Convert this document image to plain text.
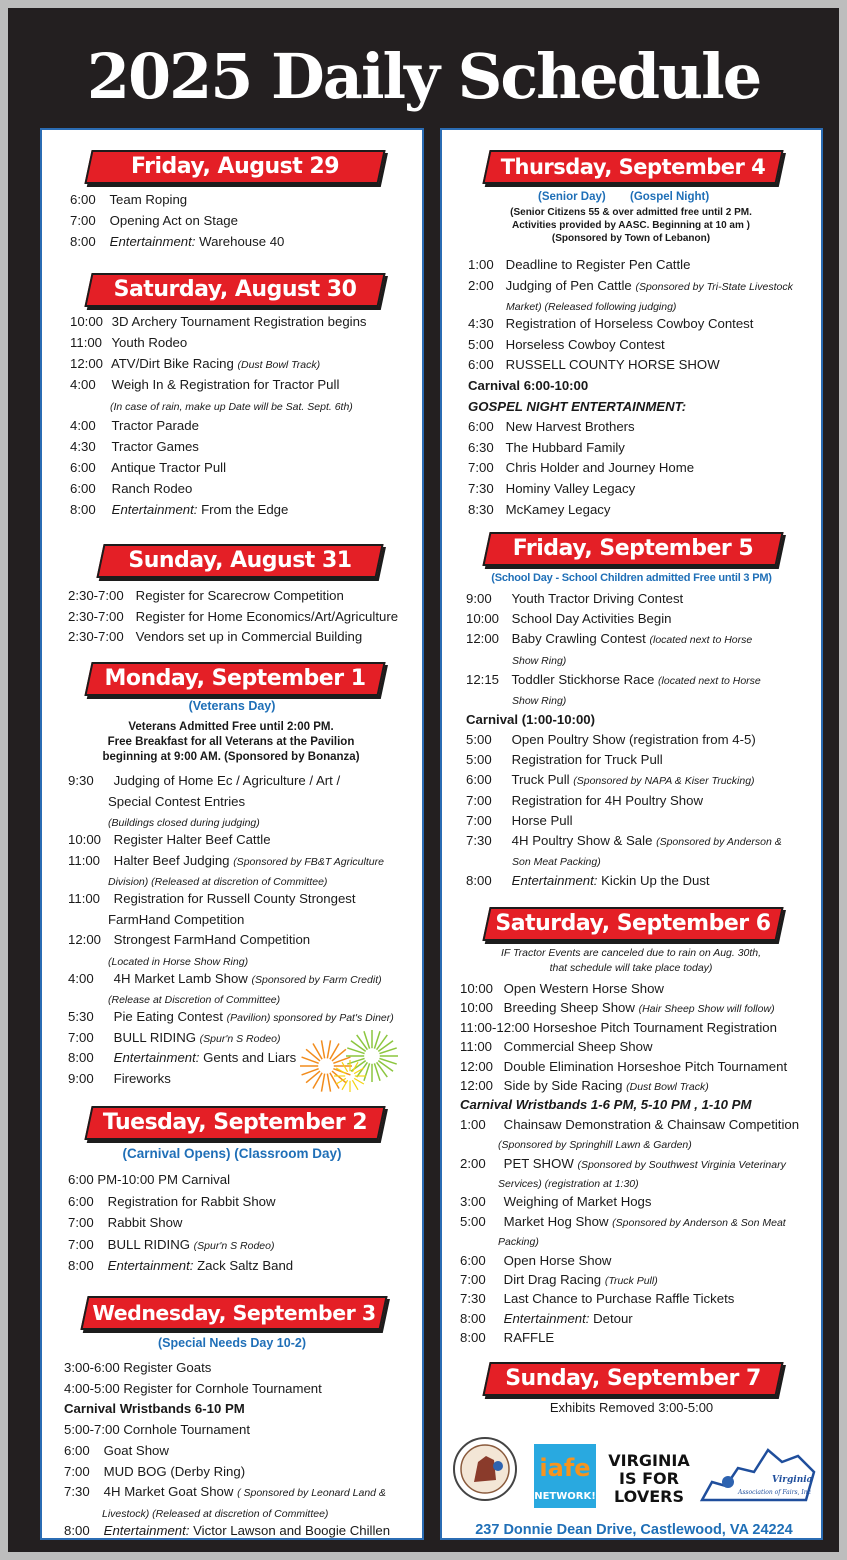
2025 Daily Schedule
Friday, August 29
6:00 Team Roping
7:00 Opening Act on Stage
8:00 Entertainment: Warehouse 40
Saturday, August 30
10:00 3D Archery Tournament Registration begins
11:00 Youth Rodeo
12:00 ATV/Dirt Bike Racing (Dust Bowl Track)
4:00 Weigh In & Registration for Tractor Pull
(In case of rain, make up Date will be Sat. Sept. 6th)
4:00 Tractor Parade
4:30 Tractor Games
6:00 Antique Tractor Pull
6:00 Ranch Rodeo
8:00 Entertainment: From the Edge
Sunday, August 31
2:30-7:00 Register for Scarecrow Competition
2:30-7:00 Register for Home Economics/Art/Agriculture
2:30-7:00 Vendors set up in Commercial Building
Monday, September 1
(Veterans Day)
Veterans Admitted Free until 2:00 PM.
Free Breakfast for all Veterans at the Pavilion
beginning at 9:00 AM. (Sponsored by Bonanza)
9:30 Judging of Home Ec / Agriculture / Art /
Special Contest Entries
(Buildings closed during judging)
10:00 Register Halter Beef Cattle
11:00 Halter Beef Judging (Sponsored by FB&T Agriculture
Division) (Released at discretion of Committee)
11:00 Registration for Russell County Strongest
FarmHand Competition
12:00 Strongest FarmHand Competition
(Located in Horse Show Ring)
4:00 4H Market Lamb Show (Sponsored by Farm Credit)
(Release at Discretion of Committee)
5:30 Pie Eating Contest (Pavilion) sponsored by Pat's Diner)
7:00 BULL RIDING (Spur'n S Rodeo)
8:00 Entertainment: Gents and Liars
9:00 Fireworks
Tuesday, September 2
(Carnival Opens) (Classroom Day)
6:00 PM-10:00 PM Carnival
6:00 Registration for Rabbit Show
7:00 Rabbit Show
7:00 BULL RIDING (Spur'n S Rodeo)
8:00 Entertainment: Zack Saltz Band
Wednesday, September 3
(Special Needs Day 10-2)
3:00-6:00 Register Goats
4:00-5:00 Register for Cornhole Tournament
Carnival Wristbands 6-10 PM
5:00-7:00 Cornhole Tournament
6:00 Goat Show
7:00 MUD BOG (Derby Ring)
7:30 4H Market Goat Show ( Sponsored by Leonard Land &
Livestock) (Released at discretion of Committee)
8:00 Entertainment: Victor Lawson and Boogie Chillen
Thursday, September 4
(Senior Day) (Gospel Night)
(Senior Citizens 55 & over admitted free until 2 PM.
Activities provided by AASC. Beginning at 10 am )
(Sponsored by Town of Lebanon)
1:00 Deadline to Register Pen Cattle
2:00 Judging of Pen Cattle (Sponsored by Tri-State Livestock
Market) (Released following judging)
4:30 Registration of Horseless Cowboy Contest
5:00 Horseless Cowboy Contest
6:00 RUSSELL COUNTY HORSE SHOW
Carnival 6:00-10:00
GOSPEL NIGHT ENTERTAINMENT:
6:00 New Harvest Brothers
6:30 The Hubbard Family
7:00 Chris Holder and Journey Home
7:30 Hominy Valley Legacy
8:30 McKamey Legacy
Friday, September 5
(School Day - School Children admitted Free until 3 PM)
9:00 Youth Tractor Driving Contest
10:00 School Day Activities Begin
12:00 Baby Crawling Contest (located next to Horse
Show Ring)
12:15 Toddler Stickhorse Race (located next to Horse
Show Ring)
Carnival (1:00-10:00)
5:00 Open Poultry Show (registration from 4-5)
5:00 Registration for Truck Pull
6:00 Truck Pull (Sponsored by NAPA & Kiser Trucking)
7:00 Registration for 4H Poultry Show
7:00 Horse Pull
7:30 4H Poultry Show & Sale (Sponsored by Anderson &
Son Meat Packing)
8:00 Entertainment: Kickin Up the Dust
Saturday, September 6
IF Tractor Events are canceled due to rain on Aug. 30th,
that schedule will take place today)
10:00 Open Western Horse Show
10:00 Breeding Sheep Show (Hair Sheep Show will follow)
11:00-12:00 Horseshoe Pitch Tournament Registration
11:00 Commercial Sheep Show
12:00 Double Elimination Horseshoe Pitch Tournament
12:00 Side by Side Racing (Dust Bowl Track)
Carnival Wristbands 1-6 PM, 5-10 PM , 1-10 PM
1:00 Chainsaw Demonstration & Chainsaw Competition
(Sponsored by Springhill Lawn & Garden)
2:00 PET SHOW (Sponsored by Southwest Virginia Veterinary
Services) (registration at 1:30)
3:00 Weighing of Market Hogs
5:00 Market Hog Show (Sponsored by Anderson & Son Meat
Packing)
6:00 Open Horse Show
7:00 Dirt Drag Racing (Truck Pull)
7:30 Last Chance to Purchase Raffle Tickets
8:00 Entertainment: Detour
8:00 RAFFLE
Sunday, September 7
Exhibits Removed 3:00-5:00
iafe
NETWORK!
VIRGINIA
IS FOR
LOVERS
Virginia
Association of Fairs, Inc
237 Donnie Dean Drive, Castlewood, VA 24224
